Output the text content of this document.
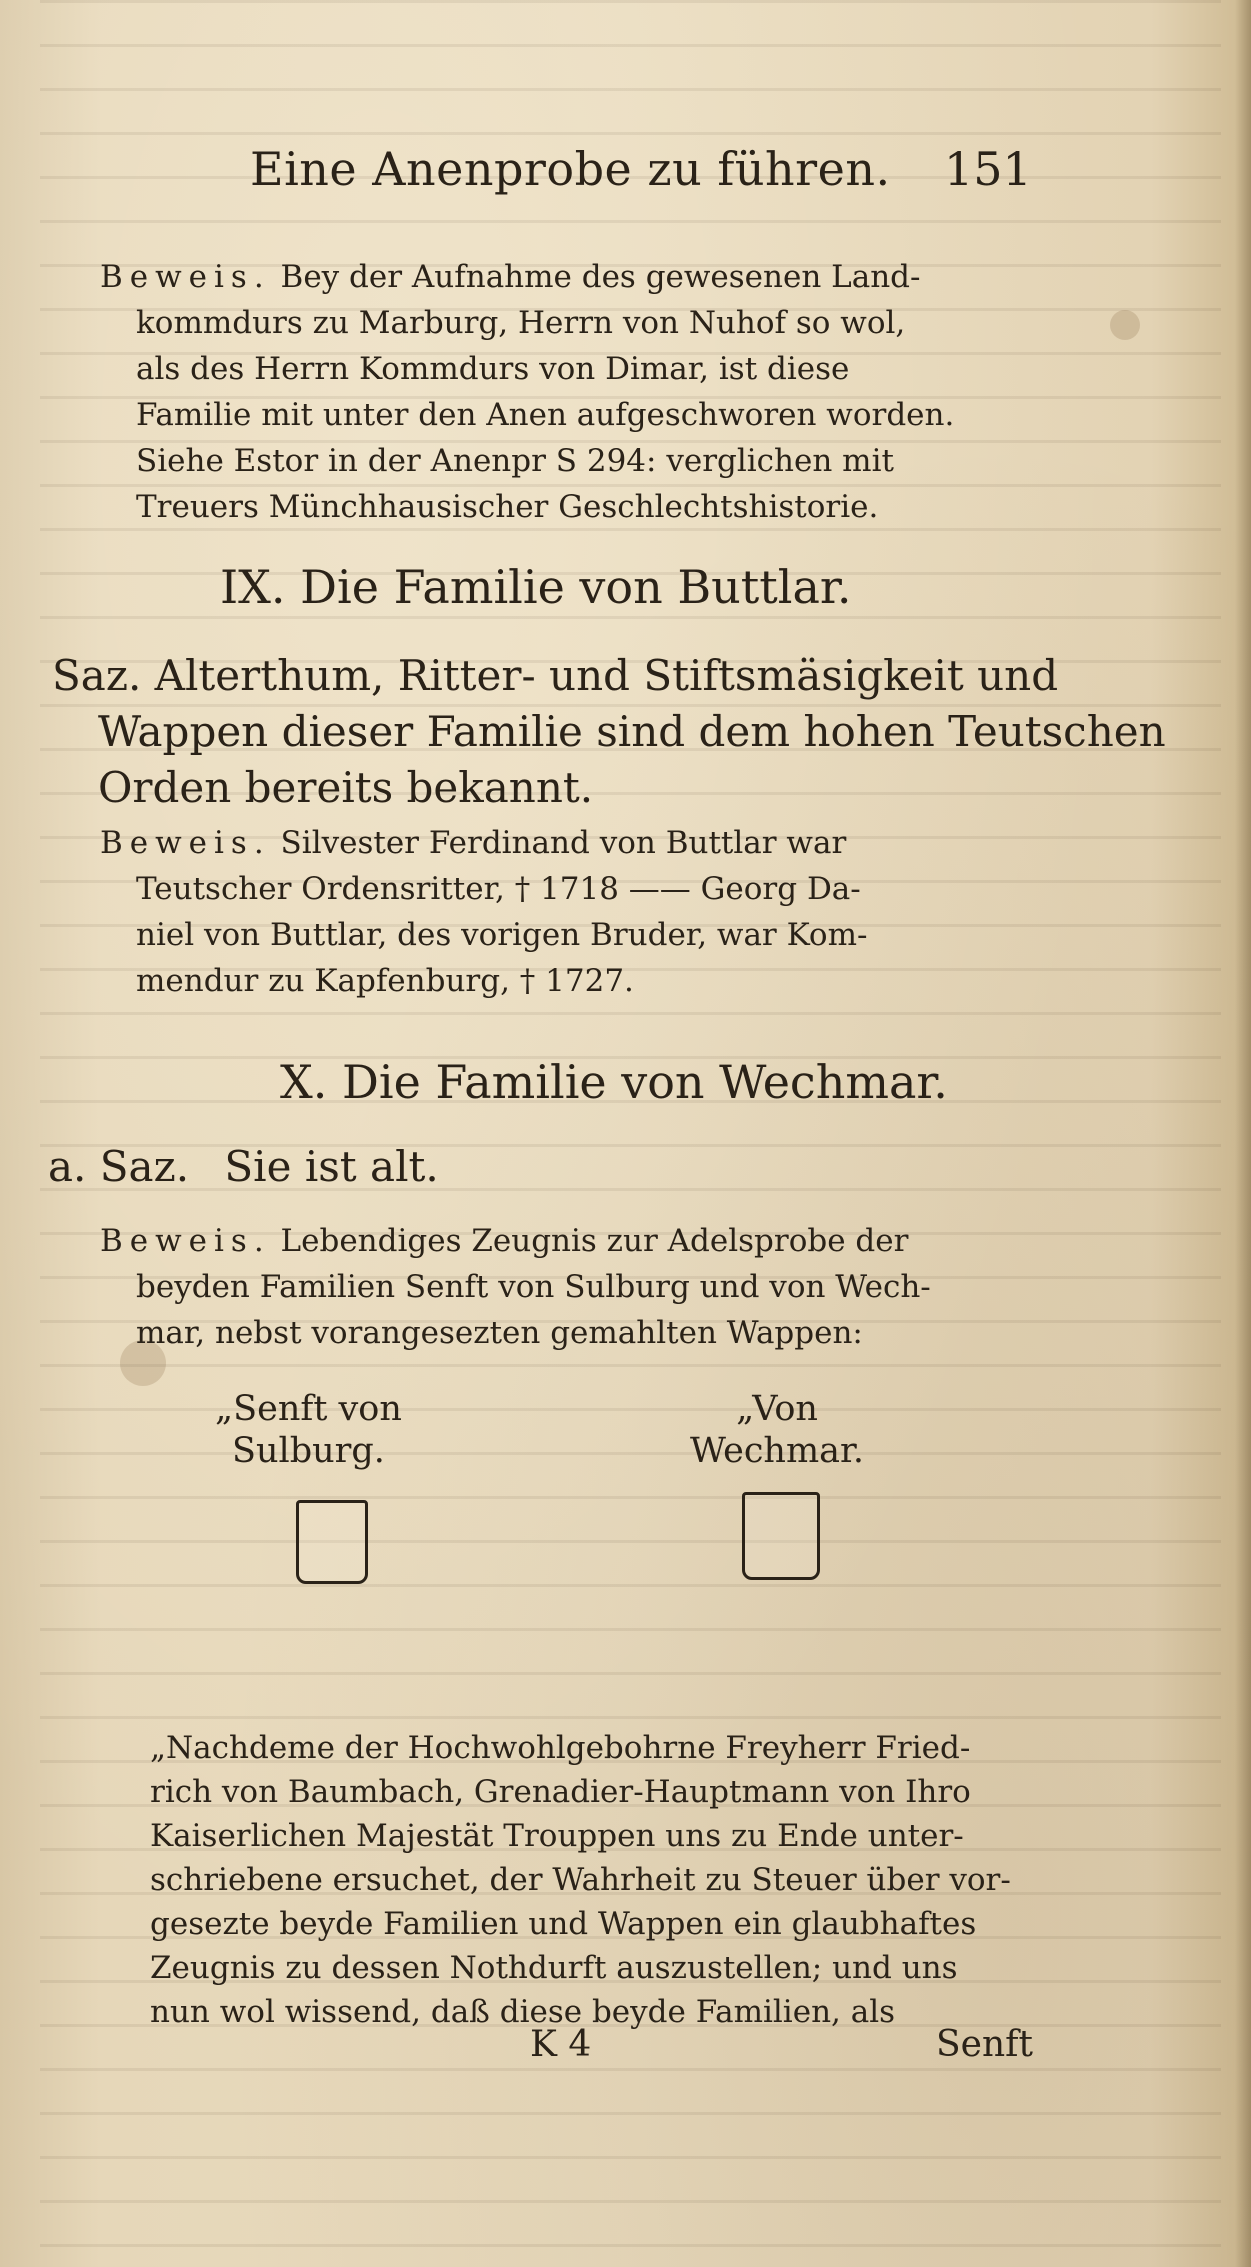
Eine Anenprobe zu führen. 151
Beweis. Bey der Aufnahme des gewesenen Land-
kommdurs zu Marburg, Herrn von Nuhof so wol,
als des Herrn Kommdurs von Dimar, ist diese
Familie mit unter den Anen aufgeschworen worden.
Siehe Estor in der Anenpr S 294: verglichen mit
Treuers Münchhausischer Geschlechtshistorie.
IX. Die Familie von Buttlar.
Saz. Alterthum, Ritter- und Stiftsmäsigkeit und
Wappen dieser Familie sind dem hohen Teutschen
Orden bereits bekannt.
Beweis. Silvester Ferdinand von Buttlar war
Teutscher Ordensritter, † 1718 —— Georg Da-
niel von Buttlar, des vorigen Bruder, war Kom-
mendur zu Kapfenburg, † 1727.
X. Die Familie von Wechmar.
a. Saz. Sie ist alt.
Beweis. Lebendiges Zeugnis zur Adelsprobe der
beyden Familien Senft von Sulburg und von Wech-
mar, nebst vorangesezten gemahlten Wappen:
„Senft von
Sulburg.
„Von
Wechmar.
„Nachdeme der Hochwohlgebohrne Freyherr Fried-
rich von Baumbach, Grenadier-Hauptmann von Ihro
Kaiserlichen Majestät Trouppen uns zu Ende unter-
schriebene ersuchet, der Wahrheit zu Steuer über vor-
gesezte beyde Familien und Wappen ein glaubhaftes
Zeugnis zu dessen Nothdurft auszustellen; und uns
nun wol wissend, daß diese beyde Familien, als
K 4	Senft
